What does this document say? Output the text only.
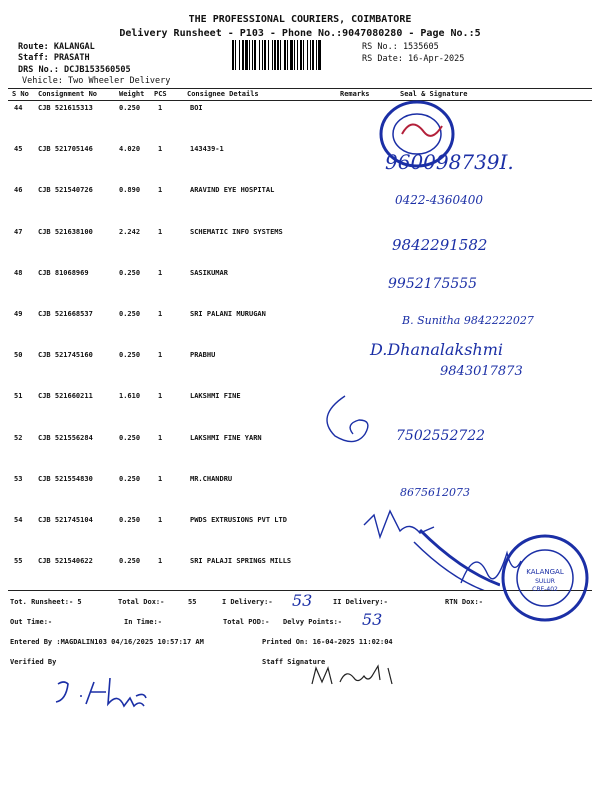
THE PROFESSIONAL COURIERS, COIMBATORE
Delivery Runsheet - P103 - Phone No.:9047080280 - Page No.:5
Route: KALANGAL
Staff: PRASATH
DRS No.: DCJB153560505
Vehicle: Two Wheeler Delivery
RS No.: 1535605
RS Date: 16-Apr-2025
S No Consignment No	Weight PCS	Consignee Details	Remarks	Seal & Signature
44 CJB 521615313	0.250	1	BOI
45 CJB 521705146	4.020	1	143439-1
46 CJB 521540726	0.890	1	ARAVIND EYE HOSPITAL
47 CJB 521638100	2.242	1	SCHEMATIC INFO SYSTEMS
48 CJB 81068969	0.250	1	SASIKUMAR
49 CJB 521668537	0.250	1	SRI PALANI MURUGAN
50 CJB 521745160	0.250	1	PRABHU
51 CJB 521660211	1.610	1	LAKSHMI FINE
52 CJB 521556284	0.250	1	LAKSHMI FINE YARN
53 CJB 521554830	0.250	1	MR.CHANDRU
54 CJB 521745104	0.250	1	PWDS EXTRUSIONS PVT LTD
55 CJB 521540622	0.250	1	SRI PALAJI SPRINGS MILLS
KALANGAL
SULUR
CBE-402
960098739I.
0422-4360400
9842291582
9952175555
B. Sunitha 9842222027
D.Dhanalakshmi
9843017873
7502552722
8675612073
Tot. Runsheet:- 5	Total Dox:-	55	I Delivery:- 53	II Delivery:-	RTN Dox:-
Out Time:-	In Time:-	Total POD:- Delvy Points:- 53
Entered By :MAGDALIN103 04/16/2025 10:57:17 AM	Printed On: 16-04-2025 11:02:04
Verified By	Staff Signature
